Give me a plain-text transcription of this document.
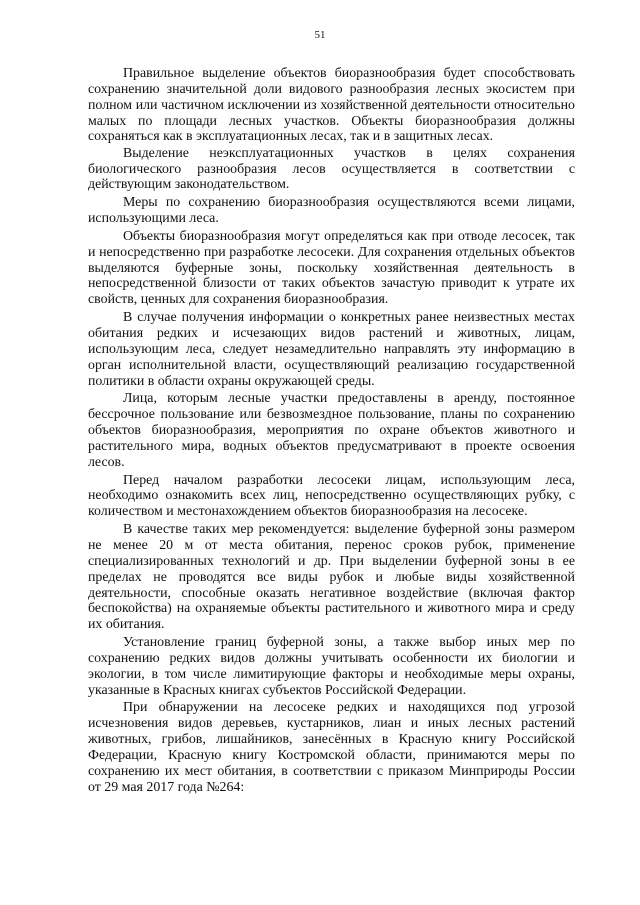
51

Правильное выделение объектов биоразнообразия будет способствовать сохранению значительной доли видового разнообразия лесных экосистем при полном или частичном исключении из хозяйственной деятельности относительно малых по площади лесных участков. Объекты биоразнообразия должны сохраняться как в эксплуатационных лесах, так и в защитных лесах.

Выделение неэксплуатационных участков в целях сохранения биологического разнообразия лесов осуществляется в соответствии с действующим законодательством.

Меры по сохранению биоразнообразия осуществляются всеми лицами, использующими леса.

Объекты биоразнообразия могут определяться как при отводе лесосек, так и непосредственно при разработке лесосеки. Для сохранения отдельных объектов выделяются буферные зоны, поскольку хозяйственная деятельность в непосредственной близости от таких объектов зачастую приводит к утрате их свойств, ценных для сохранения биоразнообразия.

В случае получения информации о конкретных ранее неизвестных местах обитания редких и исчезающих видов растений и животных, лицам, использующим леса, следует незамедлительно направлять эту информацию в орган исполнительной власти, осуществляющий реализацию государственной политики в области охраны окружающей среды.

Лица, которым лесные участки предоставлены в аренду, постоянное бессрочное пользование или безвозмездное пользование, планы по сохранению объектов биоразнообразия, мероприятия по охране объектов животного и растительного мира, водных объектов предусматривают в проекте освоения лесов.

Перед началом разработки лесосеки лицам, использующим леса, необходимо ознакомить всех лиц, непосредственно осуществляющих рубку, с количеством и местонахождением объектов биоразнообразия на лесосеке.

В качестве таких мер рекомендуется: выделение буферной зоны размером не менее 20 м от места обитания, перенос сроков рубок, применение специализированных технологий и др. При выделении буферной зоны в ее пределах не проводятся все виды рубок и любые виды хозяйственной деятельности, способные оказать негативное воздействие (включая фактор беспокойства) на охраняемые объекты растительного и животного мира и среду их обитания.

Установление границ буферной зоны, а также выбор иных мер по сохранению редких видов должны учитывать особенности их биологии и экологии, в том числе лимитирующие факторы и необходимые меры охраны, указанные в Красных книгах субъектов Российской Федерации.

При обнаружении на лесосеке редких и находящихся под угрозой исчезновения видов деревьев, кустарников, лиан и иных лесных растений животных, грибов, лишайников, занесённых в Красную книгу Российской Федерации, Красную книгу Костромской области, принимаются меры по сохранению их мест обитания, в соответствии с приказом Минприроды России от 29 мая 2017 года №264:
